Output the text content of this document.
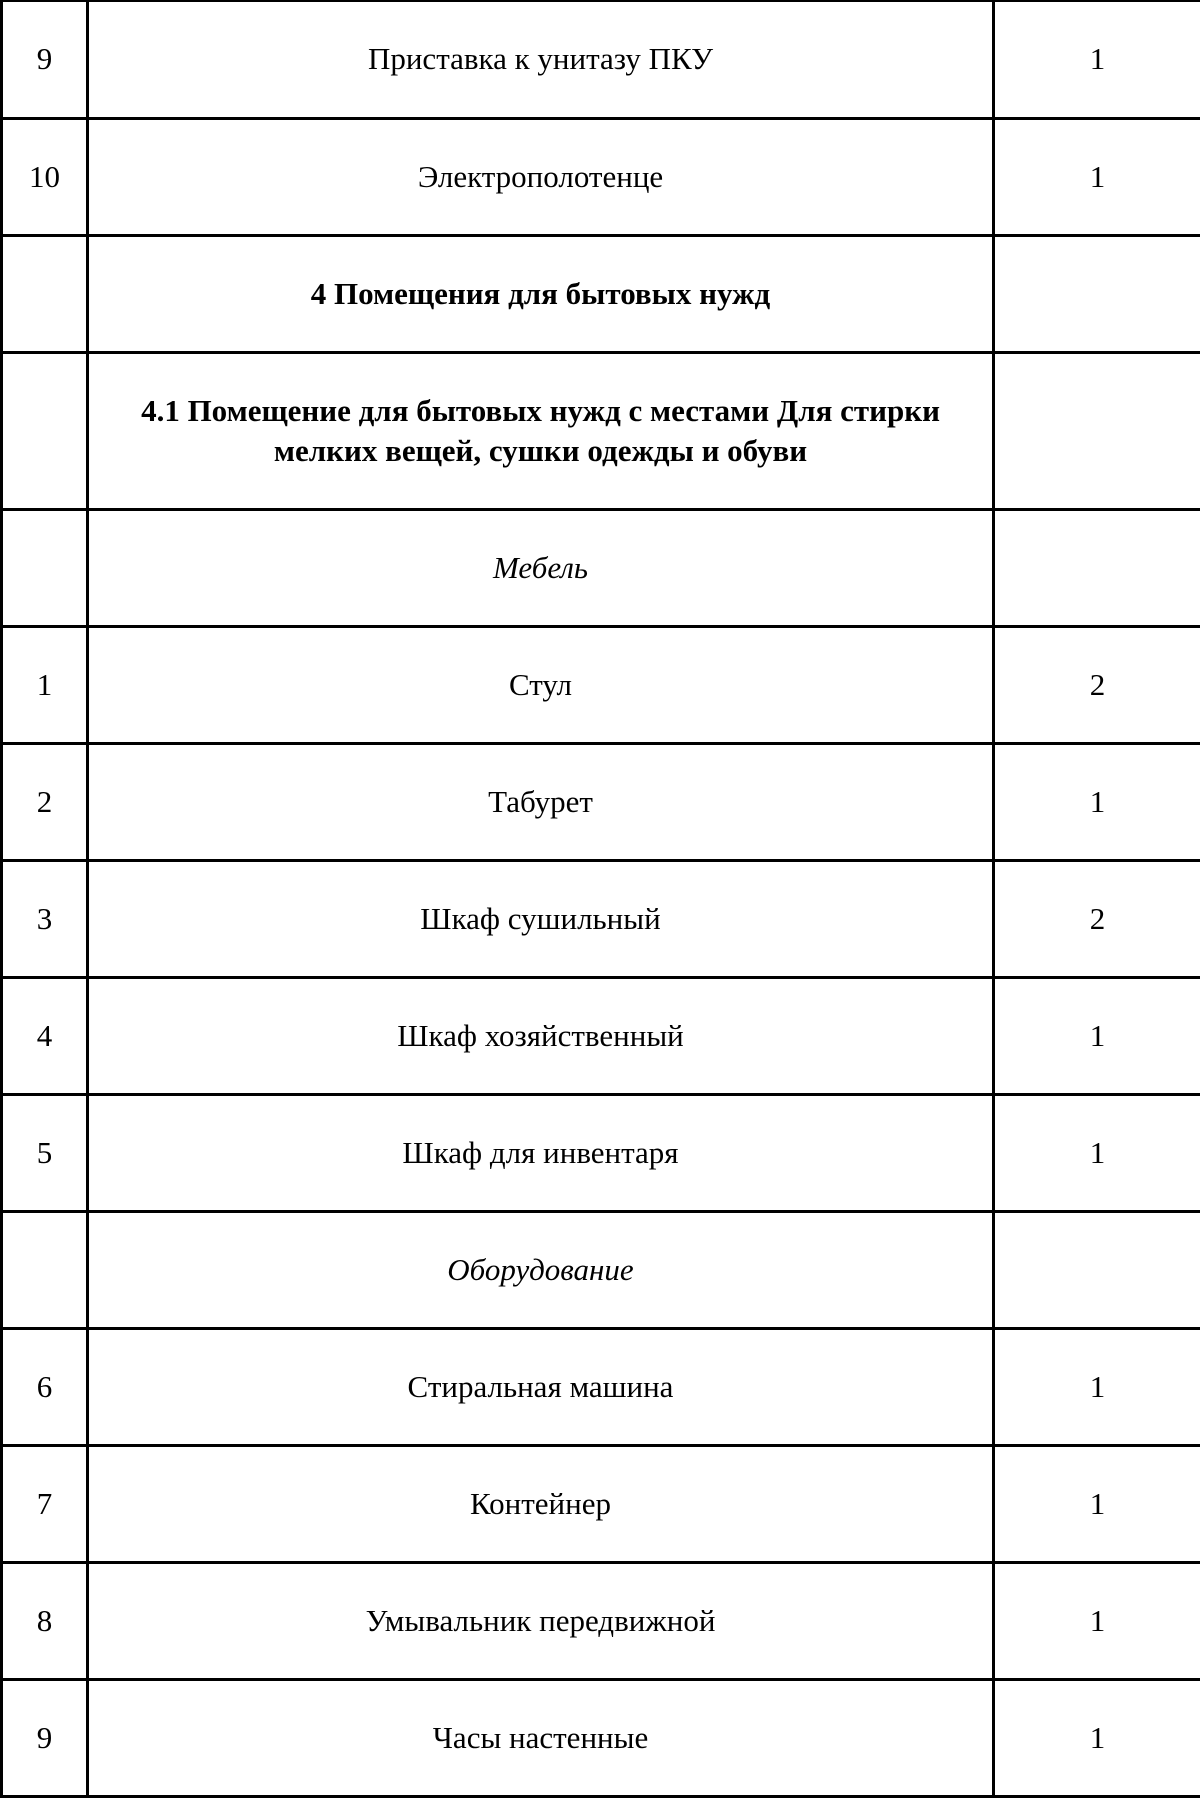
9	Приставка к унитазу ПКУ	1
10	Электрополотенце	1
	4 Помещения для бытовых нужд	
	4.1 Помещение для бытовых нужд с местами Для стирки мелких вещей, сушки одежды и обуви	
	Мебель	
1	Стул	2
2	Табурет	1
3	Шкаф сушильный	2
4	Шкаф хозяйственный	1
5	Шкаф для инвентаря	1
	Оборудование	
6	Стиральная машина	1
7	Контейнер	1
8	Умывальник передвижной	1
9	Часы настенные	1
